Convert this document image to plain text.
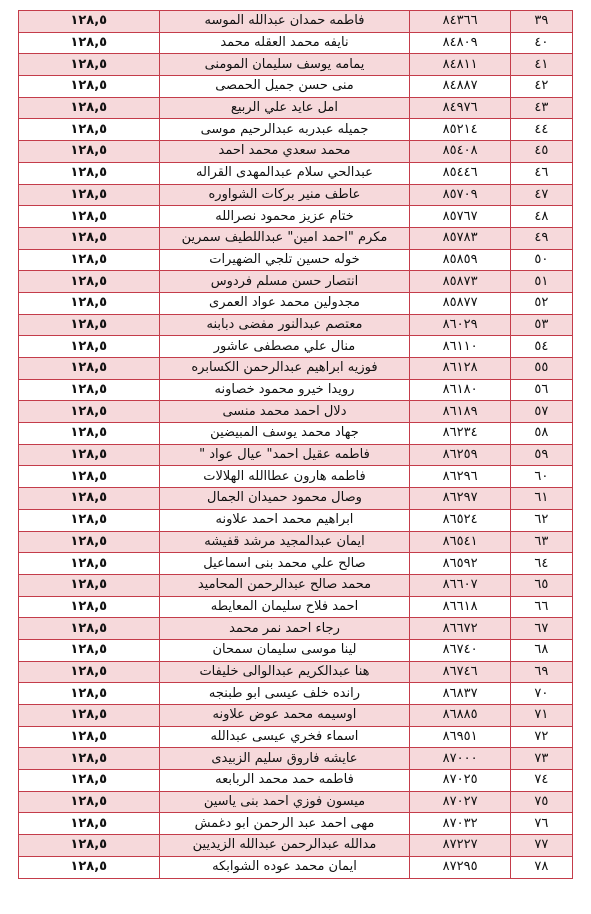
٣٩	٨٤٣٦٦	فاطمه حمدان عبدالله الموسه	١٢٨,٥
٤٠	٨٤٨٠٩	نايفه محمد العقله محمد	١٢٨,٥
٤١	٨٤٨١١	يمامه يوسف سليمان المومنى	١٢٨,٥
٤٢	٨٤٨٨٧	منى حسن جميل الحمصى	١٢٨,٥
٤٣	٨٤٩٧٦	امل عايد علي الربيع	١٢٨,٥
٤٤	٨٥٢١٤	جميله عبدربه عبدالرحيم موسى	١٢٨,٥
٤٥	٨٥٤٠٨	محمد سعدي محمد احمد	١٢٨,٥
٤٦	٨٥٤٤٦	عبدالحي سلام عبدالمهدى القراله	١٢٨,٥
٤٧	٨٥٧٠٩	عاطف منير بركات الشواوره	١٢٨,٥
٤٨	٨٥٧٦٧	ختام عزيز محمود نصرالله	١٢٨,٥
٤٩	٨٥٧٨٣	مكرم "احمد امين" عبداللطيف سمرين	١٢٨,٥
٥٠	٨٥٨٥٩	خوله حسين تلجي الضهيرات	١٢٨,٥
٥١	٨٥٨٧٣	انتصار حسن مسلم فردوس	١٢٨,٥
٥٢	٨٥٨٧٧	مجدولين محمد عواد العمرى	١٢٨,٥
٥٣	٨٦٠٢٩	معتصم عبدالنور مفضى دبابنه	١٢٨,٥
٥٤	٨٦١١٠	منال علي مصطفى عاشور	١٢٨,٥
٥٥	٨٦١٢٨	فوزيه ابراهيم عبدالرحمن الكسابره	١٢٨,٥
٥٦	٨٦١٨٠	رويدا خيرو محمود خصاونه	١٢٨,٥
٥٧	٨٦١٨٩	دلال احمد محمد منسى	١٢٨,٥
٥٨	٨٦٢٣٤	جهاد محمد يوسف المبيضين	١٢٨,٥
٥٩	٨٦٢٥٩	فاطمه عقيل احمد" عيال عواد "	١٢٨,٥
٦٠	٨٦٢٩٦	فاطمه هارون عطاالله الهلالات	١٢٨,٥
٦١	٨٦٢٩٧	وصال محمود حميدان الجمال	١٢٨,٥
٦٢	٨٦٥٢٤	ابراهيم محمد احمد علاونه	١٢٨,٥
٦٣	٨٦٥٤١	ايمان عبدالمجيد مرشد قفيشه	١٢٨,٥
٦٤	٨٦٥٩٢	صالح علي محمد بنى اسماعيل	١٢٨,٥
٦٥	٨٦٦٠٧	محمد صالح عبدالرحمن المحاميد	١٢٨,٥
٦٦	٨٦٦١٨	احمد فلاح سليمان المعايطه	١٢٨,٥
٦٧	٨٦٦٧٢	رجاء احمد نمر محمد	١٢٨,٥
٦٨	٨٦٧٤٠	لينا موسى سليمان سمحان	١٢٨,٥
٦٩	٨٦٧٤٦	هنا عبدالكريم عبدالوالى خليفات	١٢٨,٥
٧٠	٨٦٨٣٧	رانده خلف عيسى ابو طبنجه	١٢٨,٥
٧١	٨٦٨٨٥	اوسيمه محمد عوض علاونه	١٢٨,٥
٧٢	٨٦٩٥١	اسماء فخري عيسى عبدالله	١٢٨,٥
٧٣	٨٧٠٠٠	عايشه فاروق سليم الزبيدى	١٢٨,٥
٧٤	٨٧٠٢٥	فاطمه حمد محمد الربابعه	١٢٨,٥
٧٥	٨٧٠٢٧	ميسون فوزي احمد بنى ياسين	١٢٨,٥
٧٦	٨٧٠٣٢	مهى احمد عبد الرحمن ابو دغمش	١٢٨,٥
٧٧	٨٧٢٢٧	مدالله عبدالرحمن عبدالله الزيديين	١٢٨,٥
٧٨	٨٧٢٩٥	ايمان محمد عوده الشوابكه	١٢٨,٥
